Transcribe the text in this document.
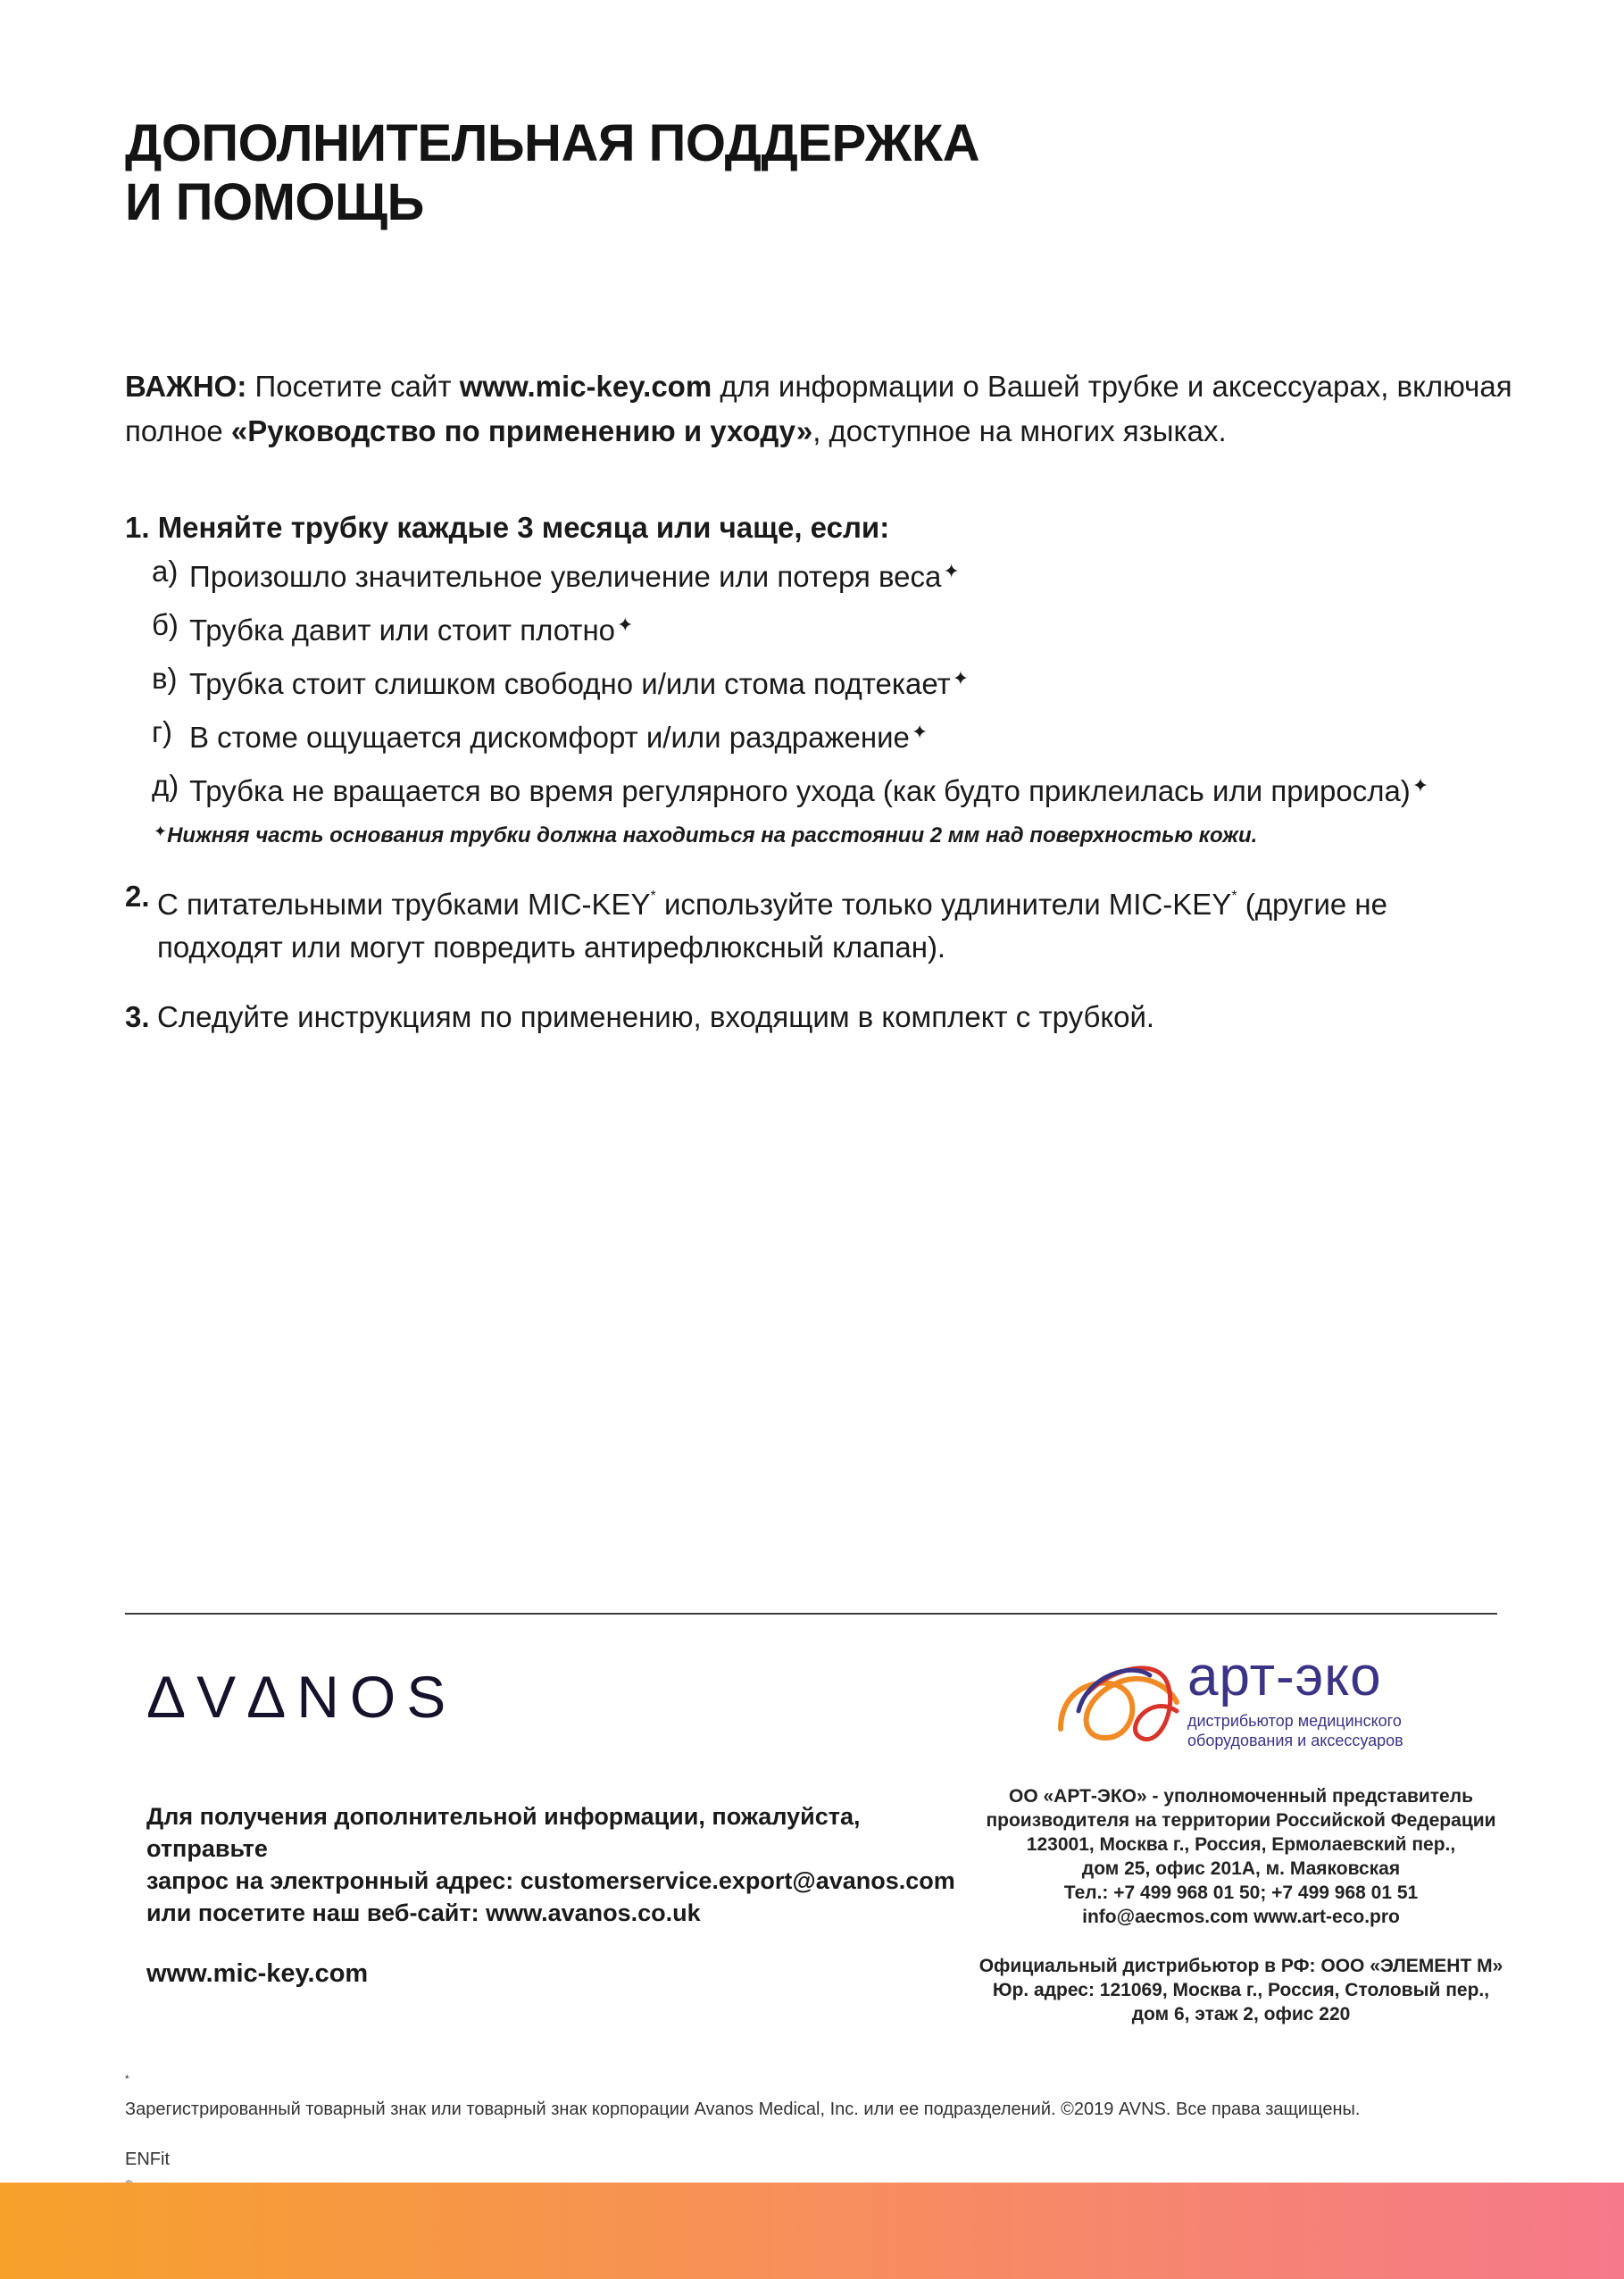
ДОПОЛНИТЕЛЬНАЯ ПОДДЕРЖКА
И ПОМОЩЬ

ВАЖНО: Посетите сайт www.mic-key.com для информации о Вашей трубке и аксессуарах, включая полное «Руководство по применению и уходу», доступное на многих языках.

1. Меняйте трубку каждые 3 месяца или чаще, если:
а) Произошло значительное увеличение или потеря веса✦
б) Трубка давит или стоит плотно✦
в) Трубка стоит слишком свободно и/или стома подтекает✦
г) В стоме ощущается дискомфорт и/или раздражение✦
д) Трубка не вращается во время регулярного ухода (как будто приклеилась или приросла)✦
✦Нижняя часть основания трубки должна находиться на расстоянии 2 мм над поверхностью кожи.
2. С питательными трубками MIC-KEY* используйте только удлинители MIC-KEY* (другие не подходят или могут повредить антирефлюксный клапан).
3. Следуйте инструкциям по применению, входящим в комплект с трубкой.
ΔVΔNOS

Для получения дополнительной информации, пожалуйста, отправьте
запрос на электронный адрес: customerservice.export@avanos.com
или посетите наш веб-сайт: www.avanos.co.uk

www.mic-key.com
арт-эко
дистрибьютор медицинского
оборудования и аксессуаров
ОО «АРТ-ЭКО» - уполномоченный представитель
производителя на территории Российской Федерации
123001, Москва г., Россия, Ермолаевский пер.,
дом 25, офис 201А, м. Маяковская
Тел.: +7 499 968 01 50; +7 499 968 01 51
info@aecmos.com www.art-eco.pro
Официальный дистрибьютор в РФ: ООО «ЭЛЕМЕНТ М»
Юр. адрес: 121069, Москва г., Россия, Столовый пер.,
дом 6, этаж 2, офис 220
*
Зарегистрированный товарный знак или товарный знак корпорации Avanos Medical, Inc. или ее подразделений. ©2019 AVNS. Все права защищены.

ENFit
